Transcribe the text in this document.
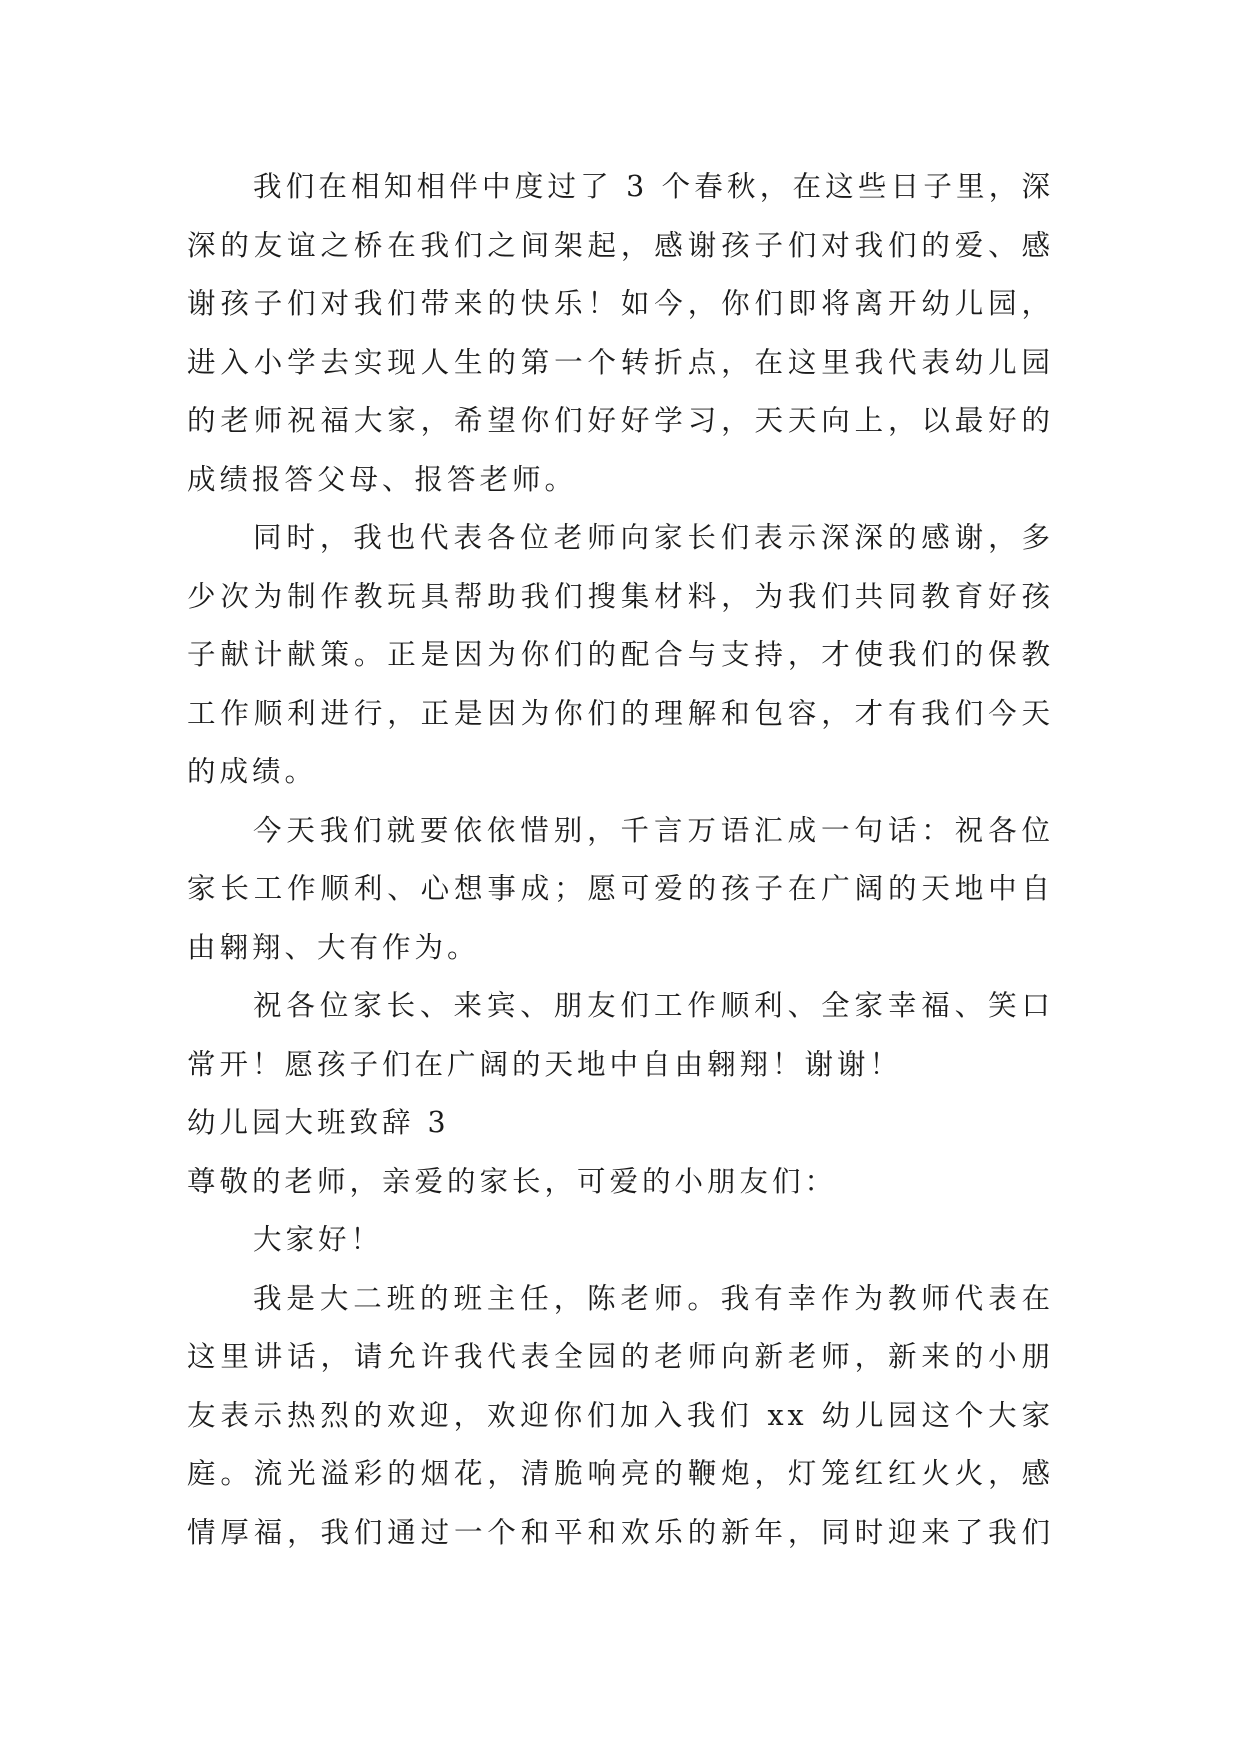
我们在相知相伴中度过了 3 个春秋，在这些日子里，深
深的友谊之桥在我们之间架起，感谢孩子们对我们的爱、感
谢孩子们对我们带来的快乐！如今，你们即将离开幼儿园，
进入小学去实现人生的第一个转折点，在这里我代表幼儿园
的老师祝福大家，希望你们好好学习，天天向上，以最好的
成绩报答父母、报答老师。
同时，我也代表各位老师向家长们表示深深的感谢，多
少次为制作教玩具帮助我们搜集材料，为我们共同教育好孩
子献计献策。正是因为你们的配合与支持，才使我们的保教
工作顺利进行，正是因为你们的理解和包容，才有我们今天
的成绩。
今天我们就要依依惜别，千言万语汇成一句话：祝各位
家长工作顺利、心想事成；愿可爱的孩子在广阔的天地中自
由翱翔、大有作为。
祝各位家长、来宾、朋友们工作顺利、全家幸福、笑口
常开！愿孩子们在广阔的天地中自由翱翔！谢谢！
幼儿园大班致辞 3
尊敬的老师，亲爱的家长，可爱的小朋友们：
大家好！
我是大二班的班主任，陈老师。我有幸作为教师代表在
这里讲话，请允许我代表全园的老师向新老师，新来的小朋
友表示热烈的欢迎，欢迎你们加入我们 xx 幼儿园这个大家
庭。流光溢彩的烟花，清脆响亮的鞭炮，灯笼红红火火，感
情厚福，我们通过一个和平和欢乐的新年，同时迎来了我们
